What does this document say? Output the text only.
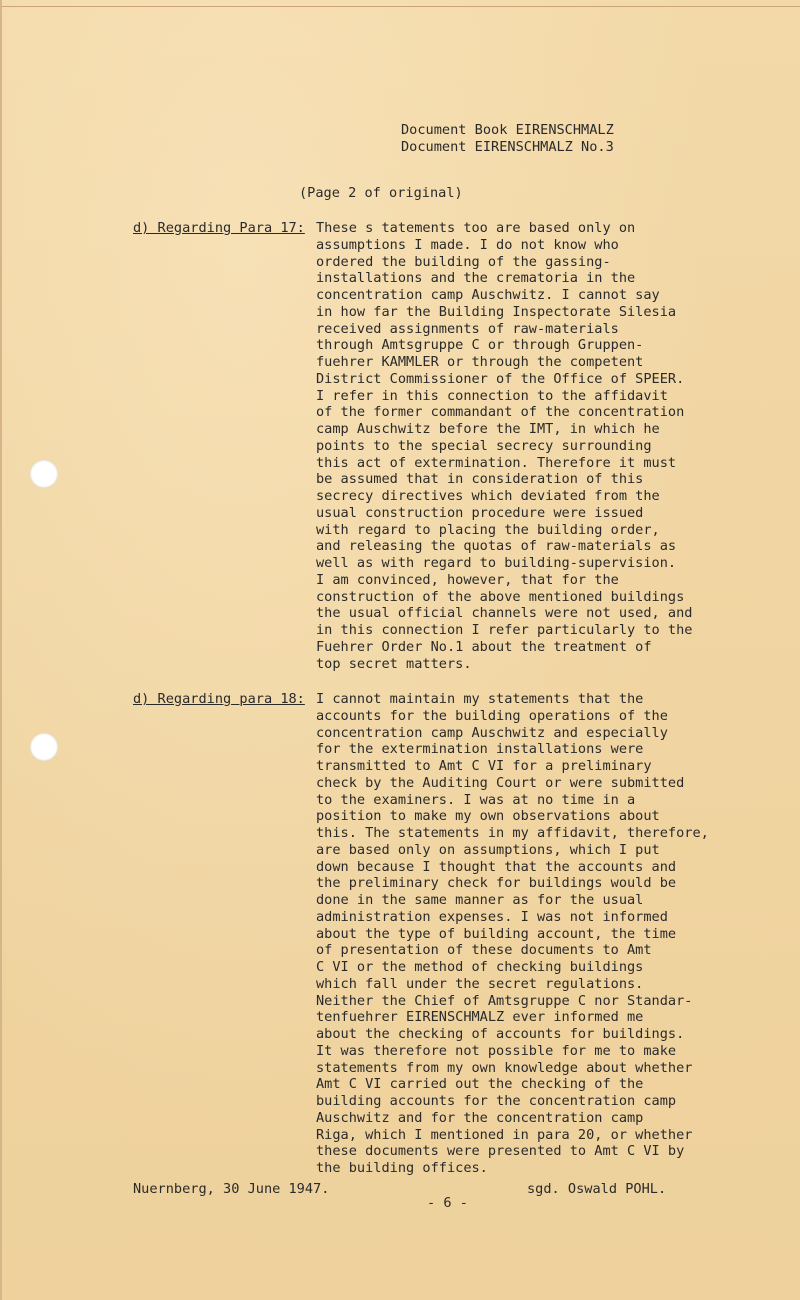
Document Book EIRENSCHMALZ
Document EIRENSCHMALZ No.3

(Page 2 of original)

d) Regarding Para 17: These s tatements too are based only on
assumptions I made. I do not know who
ordered the building of the gassing-
installations and the crematoria in the
concentration camp Auschwitz. I cannot say
in how far the Building Inspectorate Silesia
received assignments of raw-materials
through Amtsgruppe C or through Gruppen-
fuehrer KAMMLER or through the competent
District Commissioner of the Office of SPEER.
I refer in this connection to the affidavit
of the former commandant of the concentration
camp Auschwitz before the IMT, in which he
points to the special secrecy surrounding
this act of extermination. Therefore it must
be assumed that in consideration of this
secrecy directives which deviated from the
usual construction procedure were issued
with regard to placing the building order,
and releasing the quotas of raw-materials as
well as with regard to building-supervision.
I am convinced, however, that for the
construction of the above mentioned buildings
the usual official channels were not used, and
in this connection I refer particularly to the
Fuehrer Order No.1 about the treatment of
top secret matters.

d) Regarding para 18: I cannot maintain my statements that the
accounts for the building operations of the
concentration camp Auschwitz and especially
for the extermination installations were
transmitted to Amt C VI for a preliminary
check by the Auditing Court or were submitted
to the examiners. I was at no time in a
position to make my own observations about
this. The statements in my affidavit, therefore,
are based only on assumptions, which I put
down because I thought that the accounts and
the preliminary check for buildings would be
done in the same manner as for the usual
administration expenses. I was not informed
about the type of building account, the time
of presentation of these documents to Amt
C VI or the method of checking buildings
which fall under the secret regulations.
Neither the Chief of Amtsgruppe C nor Standar-
tenfuehrer EIRENSCHMALZ ever informed me
about the checking of accounts for buildings.
It was therefore not possible for me to make
statements from my own knowledge about whether
Amt C VI carried out the checking of the
building accounts for the concentration camp
Auschwitz and for the concentration camp
Riga, which I mentioned in para 20, or whether
these documents were presented to Amt C VI by
the building offices.

Nuernberg, 30 June 1947.	sgd. Oswald POHL.

- 6 -
